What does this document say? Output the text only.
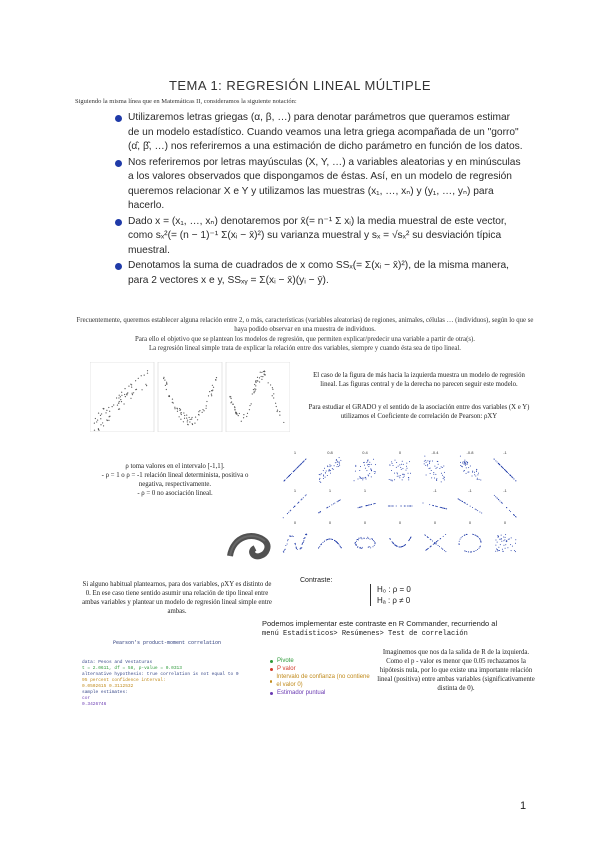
TEMA 1: REGRESIÓN LINEAL MÚLTIPLE
Siguiendo la misma línea que en Matemáticas II, consideramos la siguiente notación:
Utilizaremos letras griegas (α, β, …) para denotar parámetros que queramos estimar de un modelo estadístico. Cuando veamos una letra griega acompañada de un "gorro" (α̂, β̂, …) nos referiremos a una estimación de dicho parámetro en función de los datos.
Nos referiremos por letras mayúsculas (X, Y, …) a variables aleatorias y en minúsculas a los valores observados que dispongamos de éstas. Así, en un modelo de regresión queremos relacionar X e Y y utilizamos las muestras (x₁, …, xₙ) y (y₁, …, yₙ) para hacerlo.
Dado x = (x₁, …, xₙ) denotaremos por x̄(= n⁻¹ Σ xᵢ) la media muestral de este vector, como sₓ²(= (n − 1)⁻¹ Σ(xᵢ − x̄)²) su varianza muestral y sₓ = √sₓ² su desviación típica muestral.
Denotamos la suma de cuadrados de x como SSₓ(= Σ(xᵢ − x̄)²), de la misma manera, para 2 vectores x e y, SSₓᵧ = Σ(xᵢ − x̄)(yᵢ − ȳ).
Frecuentemente, queremos establecer alguna relación entre 2, o más, características (variables aleatorias) de regiones, animales, células … (individuos), según lo que se haya podido observar en una muestra de individuos.
Para ello el objetivo que se plantean los modelos de regresión, que permiten explicar/predecir una variable a partir de otra(s).
La regresión lineal simple trata de explicar la relación entre dos variables, siempre y cuando ésta sea de tipo lineal.
El caso de la figura de más hacia la izquierda muestra un modelo de regresión lineal. Las figuras central y de la derecha no parecen seguir este modelo.
Para estudiar el GRADO y el sentido de la asociación entre dos variables (X e Y) utilizamos el Coeficiente de correlación de Pearson: ρXY
ρ toma valores en el intervalo [-1,1].
- ρ = 1 o ρ = -1 relación lineal determinista, positiva o negativa, respectivamente.
- ρ = 0 no asociación lineal.
1
1
0
0.8
1
0
0.4
1
0
0
0
-0.4
-1
0
-0.8
-1
0
-1
-1
0
Si alguno habitual plantearnos, para dos variables, ρXY es distinto de 0. En ese caso tiene sentido asumir una relación de tipo lineal entre ambas variables y plantear un modelo de regresión lineal simple entre ambas.
Contraste:
H₀ : ρ = 0
Hₐ : ρ ≠ 0
Podemos implementar este contraste en R Commander, recurriendo al
menú Estadísticos> Resúmenes> Test de correlación
Pearson's product-moment correlation
data: Pesos and Vestaturas
t = 2.0611, df = 58, p-value = 0.0313
alternative hypothesis: true correlation is not equal to 0
95 percent confidence interval:
0.0502615 0.3112532
sample estimates:
cor
0.3426746
Pivote
P valor
Intervalo de confianza (no contiene el valor 0)
Estimador puntual
Imaginemos que nos da la salida de R de la izquierda. Como el p - valor es menor que 0.05 rechazamos la hipótesis nula, por lo que existe una importante relación lineal (positiva) entre ambas variables (significativamente distinta de 0).
1
